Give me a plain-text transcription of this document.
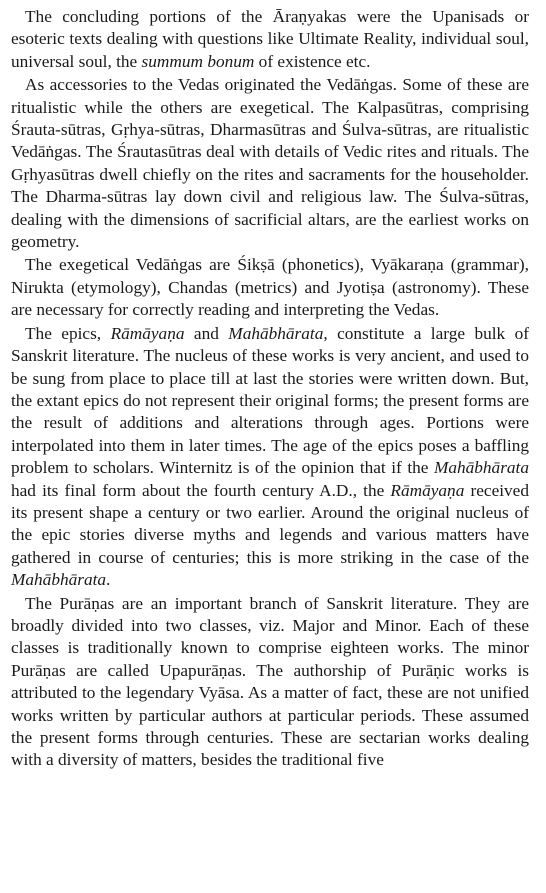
The concluding portions of the Āraṇyakas were the Upanisads or esoteric texts dealing with questions like Ultimate Reality, individual soul, universal soul, the summum bonum of existence etc.

As accessories to the Vedas originated the Vedāṅgas. Some of these are ritualistic while the others are exegetical. The Kalpasūtras, comprising Śrauta-sūtras, Gṛhya-sūtras, Dharmasūtras and Śulva-sūtras, are ritualistic Vedāṅgas. The Śrautasūtras deal with details of Vedic rites and rituals. The Gṛhyasūtras dwell chiefly on the rites and sacraments for the householder. The Dharma-sūtras lay down civil and religious law. The Śulva-sūtras, dealing with the dimensions of sacrificial altars, are the earliest works on geometry.

The exegetical Vedāṅgas are Śikṣā (phonetics), Vyākaraṇa (grammar), Nirukta (etymology), Chandas (metrics) and Jyotiṣa (astronomy). These are necessary for correctly reading and interpreting the Vedas.

The epics, Rāmāyaṇa and Mahābhārata, constitute a large bulk of Sanskrit literature. The nucleus of these works is very ancient, and used to be sung from place to place till at last the stories were written down. But, the extant epics do not represent their original forms; the present forms are the result of additions and alterations through ages. Portions were interpolated into them in later times. The age of the epics poses a baffling problem to scholars. Winternitz is of the opinion that if the Mahābhārata had its final form about the fourth century A.D., the Rāmāyaṇa received its present shape a century or two earlier. Around the original nucleus of the epic stories diverse myths and legends and various matters have gathered in course of centuries; this is more striking in the case of the Mahābhārata.

The Purāṇas are an important branch of Sanskrit literature. They are broadly divided into two classes, viz. Major and Minor. Each of these classes is traditionally known to comprise eighteen works. The minor Purāṇas are called Upapurāṇas. The authorship of Purāṇic works is attributed to the legendary Vyāsa. As a matter of fact, these are not unified works written by particular authors at particular periods. These assumed the present forms through centuries. These are sectarian works dealing with a diversity of matters, besides the traditional five
